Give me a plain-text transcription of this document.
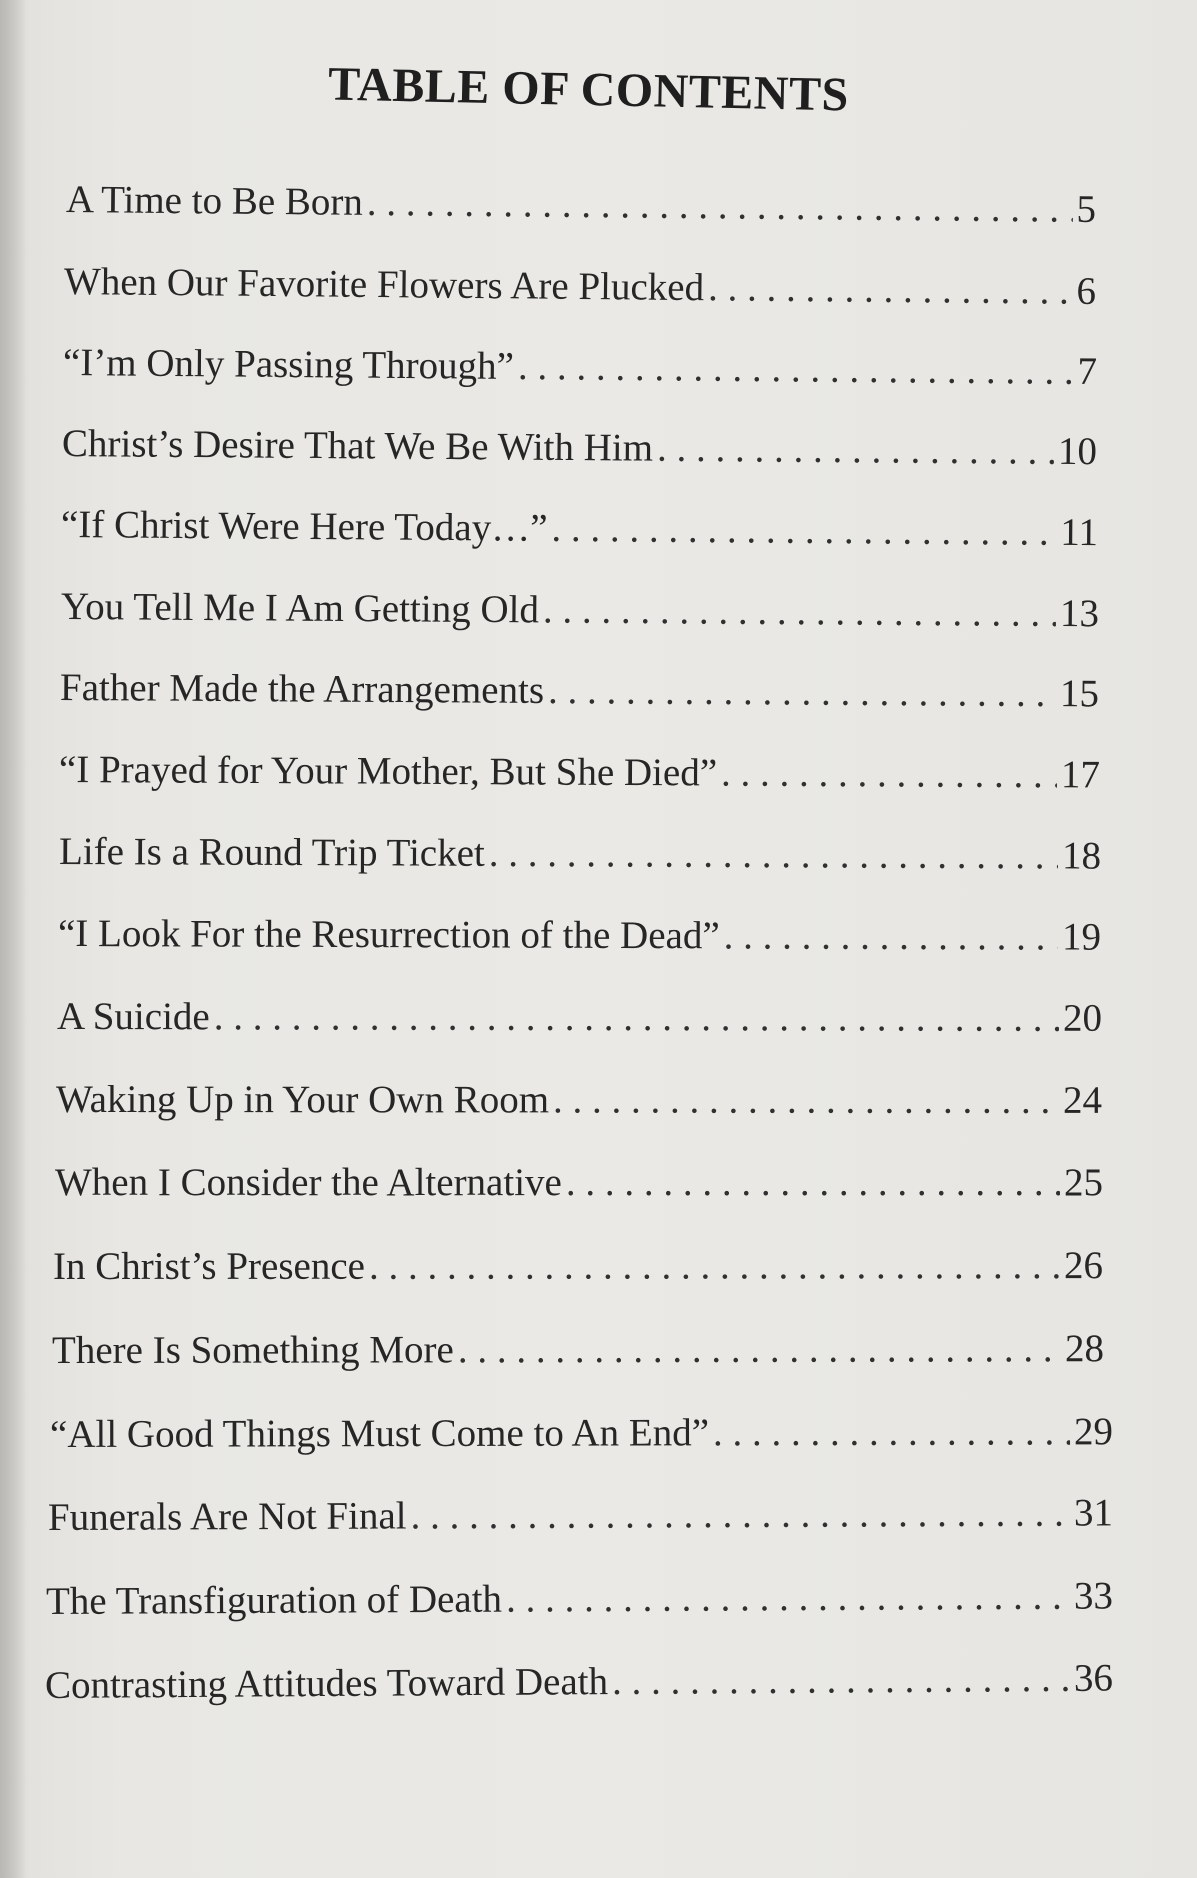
TABLE OF CONTENTS
A Time to Be Born . . .	5
When Our Favorite Flowers Are Plucked . . .	6
“I’m Only Passing Through” . . .	7
Christ’s Desire That We Be With Him . . .	10
“If Christ Were Here Today…” . . .	11
You Tell Me I Am Getting Old . . .	13
Father Made the Arrangements . . .	15
“I Prayed for Your Mother, But She Died” . . .	17
Life Is a Round Trip Ticket . . .	18
“I Look For the Resurrection of the Dead” . . .	19
A Suicide . . .	20
Waking Up in Your Own Room . . .	24
When I Consider the Alternative . . .	25
In Christ’s Presence . . .	26
There Is Something More . . .	28
“All Good Things Must Come to An End” . . .	29
Funerals Are Not Final . . .	31
The Transfiguration of Death . . .	33
Contrasting Attitudes Toward Death . . .	36
